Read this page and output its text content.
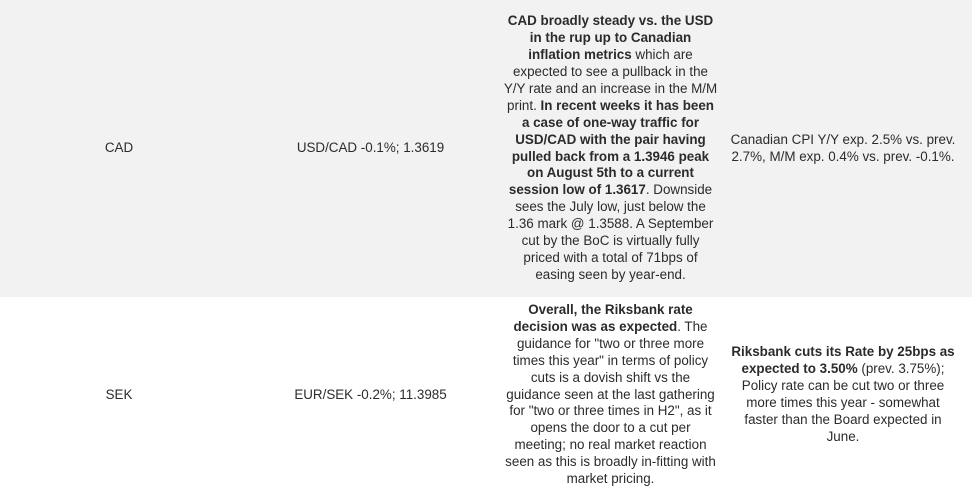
CAD	USD/CAD -0.1%; 1.3619
CAD broadly steady vs. the USD in the rup up to Canadian inflation metrics which are expected to see a pullback in the Y/Y rate and an increase in the M/M print. In recent weeks it has been a case of one-way traffic for USD/CAD with the pair having pulled back from a 1.3946 peak on August 5th to a current session low of 1.3617. Downside sees the July low, just below the 1.36 mark @ 1.3588. A September cut by the BoC is virtually fully priced with a total of 71bps of easing seen by year-end.
Canadian CPI Y/Y exp. 2.5% vs. prev. 2.7%, M/M exp. 0.4% vs. prev. -0.1%.
SEK	EUR/SEK -0.2%; 11.3985
Overall, the Riksbank rate decision was as expected. The guidance for "two or three more times this year" in terms of policy cuts is a dovish shift vs the guidance seen at the last gathering for "two or three times in H2", as it opens the door to a cut per meeting; no real market reaction seen as this is broadly in-fitting with market pricing.
Riksbank cuts its Rate by 25bps as expected to 3.50% (prev. 3.75%); Policy rate can be cut two or three more times this year - somewhat faster than the Board expected in June.
